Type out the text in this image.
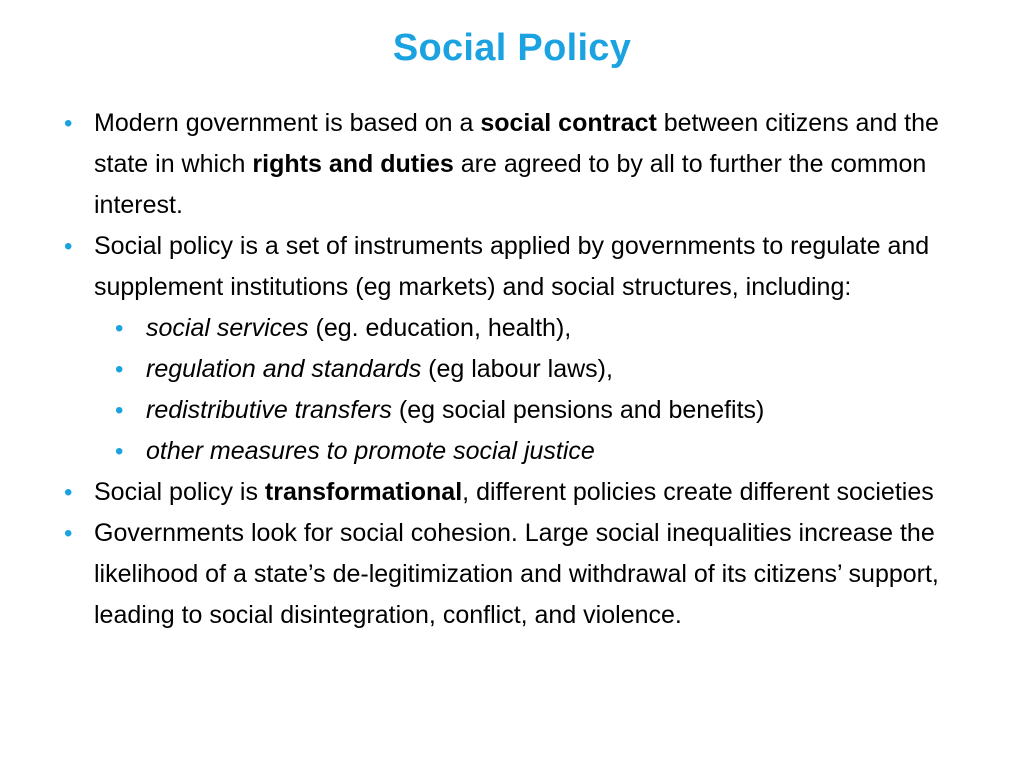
Social Policy
• Modern government is based on a social contract between citizens and the state in which rights and duties are agreed to by all to further the common interest.
• Social policy is a set of instruments applied by governments to regulate and supplement institutions (eg markets) and social structures, including:
• social services (eg. education, health),
• regulation and standards (eg labour laws),
• redistributive transfers (eg social pensions and benefits)
• other measures to promote social justice
• Social policy is transformational, different policies create different societies
• Governments look for social cohesion. Large social inequalities increase the likelihood of a state’s de-legitimization and withdrawal of its citizens’ support, leading to social disintegration, conflict, and violence.
